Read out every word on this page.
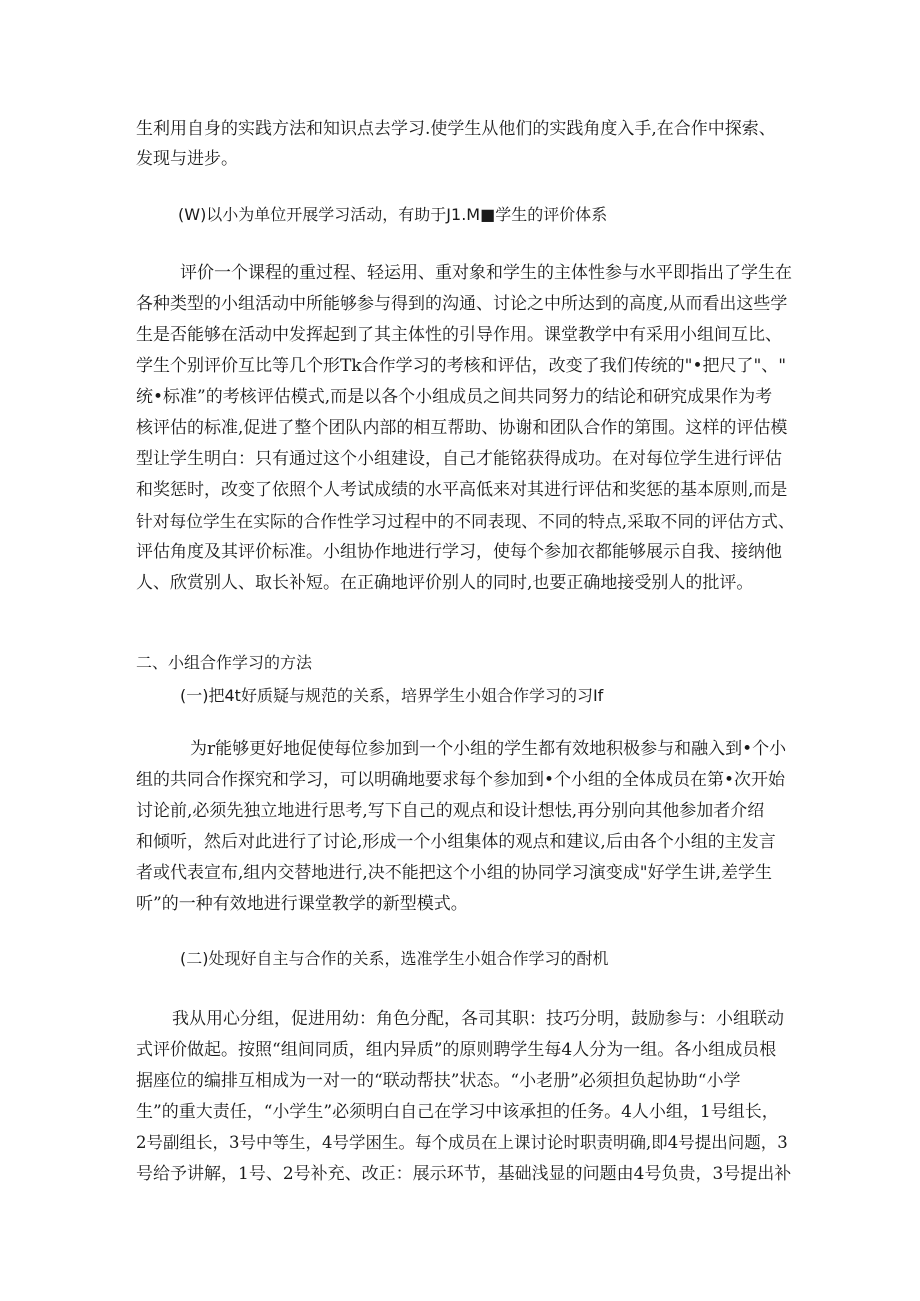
生利用自身的实践方法和知识点去学习.使学生从他们的实践角度入手,在合作中探索、
发现与进步。
(W)以小为单位开展学习活动，有助于J1.M■学生的评价体系
评价一个课程的重过程、轻运用、重对象和学生的主体性参与水平即指出了学生在
各种类型的小组活动中所能够参与得到的沟通、讨论之中所达到的高度,从而看出这些学
生是否能够在活动中发挥起到了其主体性的引导作用。课堂教学中有采用小组间互比、
学生个别评价互比等几个形Tk合作学习的考核和评估，改变了我们传统的"•把尺了"、"
统•标准”的考核评估模式,而是以各个小组成员之间共同努力的结论和研究成果作为考
核评估的标准,促进了整个团队内部的相互帮助、协谢和团队合作的第围。这样的评估模
型让学生明白：只有通过这个小组建设，自己才能铭获得成功。在对每位学生进行评估
和奖惩时，改变了依照个人考试成绩的水平高低来对其进行评估和奖惩的基本原则,而是
针对每位学生在实际的合作性学习过程中的不同表现、不同的特点,采取不同的评估方式、
评估角度及其评价标准。小组协作地进行学习，使每个参加衣都能够展示自我、接纳他
人、欣赏别人、取长补短。在正确地评价别人的同时,也要正确地接受别人的批评。
二、小组合作学习的方法
(一)把4t好质疑与规范的关系，培界学生小姐合作学习的习If
为r能够更好地促使每位参加到一个小组的学生都有效地积极参与和融入到•个小
组的共同合作探究和学习，可以明确地要求每个参加到•个小组的全体成员在第•次开始
讨论前,必须先独立地进行思考,写下自己的观点和设计想怯,再分别向其他参加者介绍
和倾听，然后对此进行了讨论,形成一个小组集体的观点和建议,后由各个小组的主发言
者或代表宣布,组内交替地进行,决不能把这个小组的协同学习演变成"好学生讲,差学生
听”的一种有效地进行课堂教学的新型模式。
(二)处现好自主与合作的关系，选准学生小姐合作学习的酎机
我从用心分组，促进用幼：角色分配，各司其职：技巧分明，鼓励参与：小组联动
式评价做起。按照“组间同质，组内异质”的原则聘学生每4人分为一组。各小组成员根
据座位的编排互相成为一对一的“联动帮扶”状态。“小老册”必须担负起协助“小学
生”的重大责任，“小学生”必须明白自己在学习中该承担的任务。4人小组，1号组长，
2号副组长，3号中等生，4号学困生。每个成员在上课讨论时职责明确,即4号提出问题，3
号给予讲解，1号、2号补充、改正：展示环节，基础浅显的问题由4号负贵，3号提出补
